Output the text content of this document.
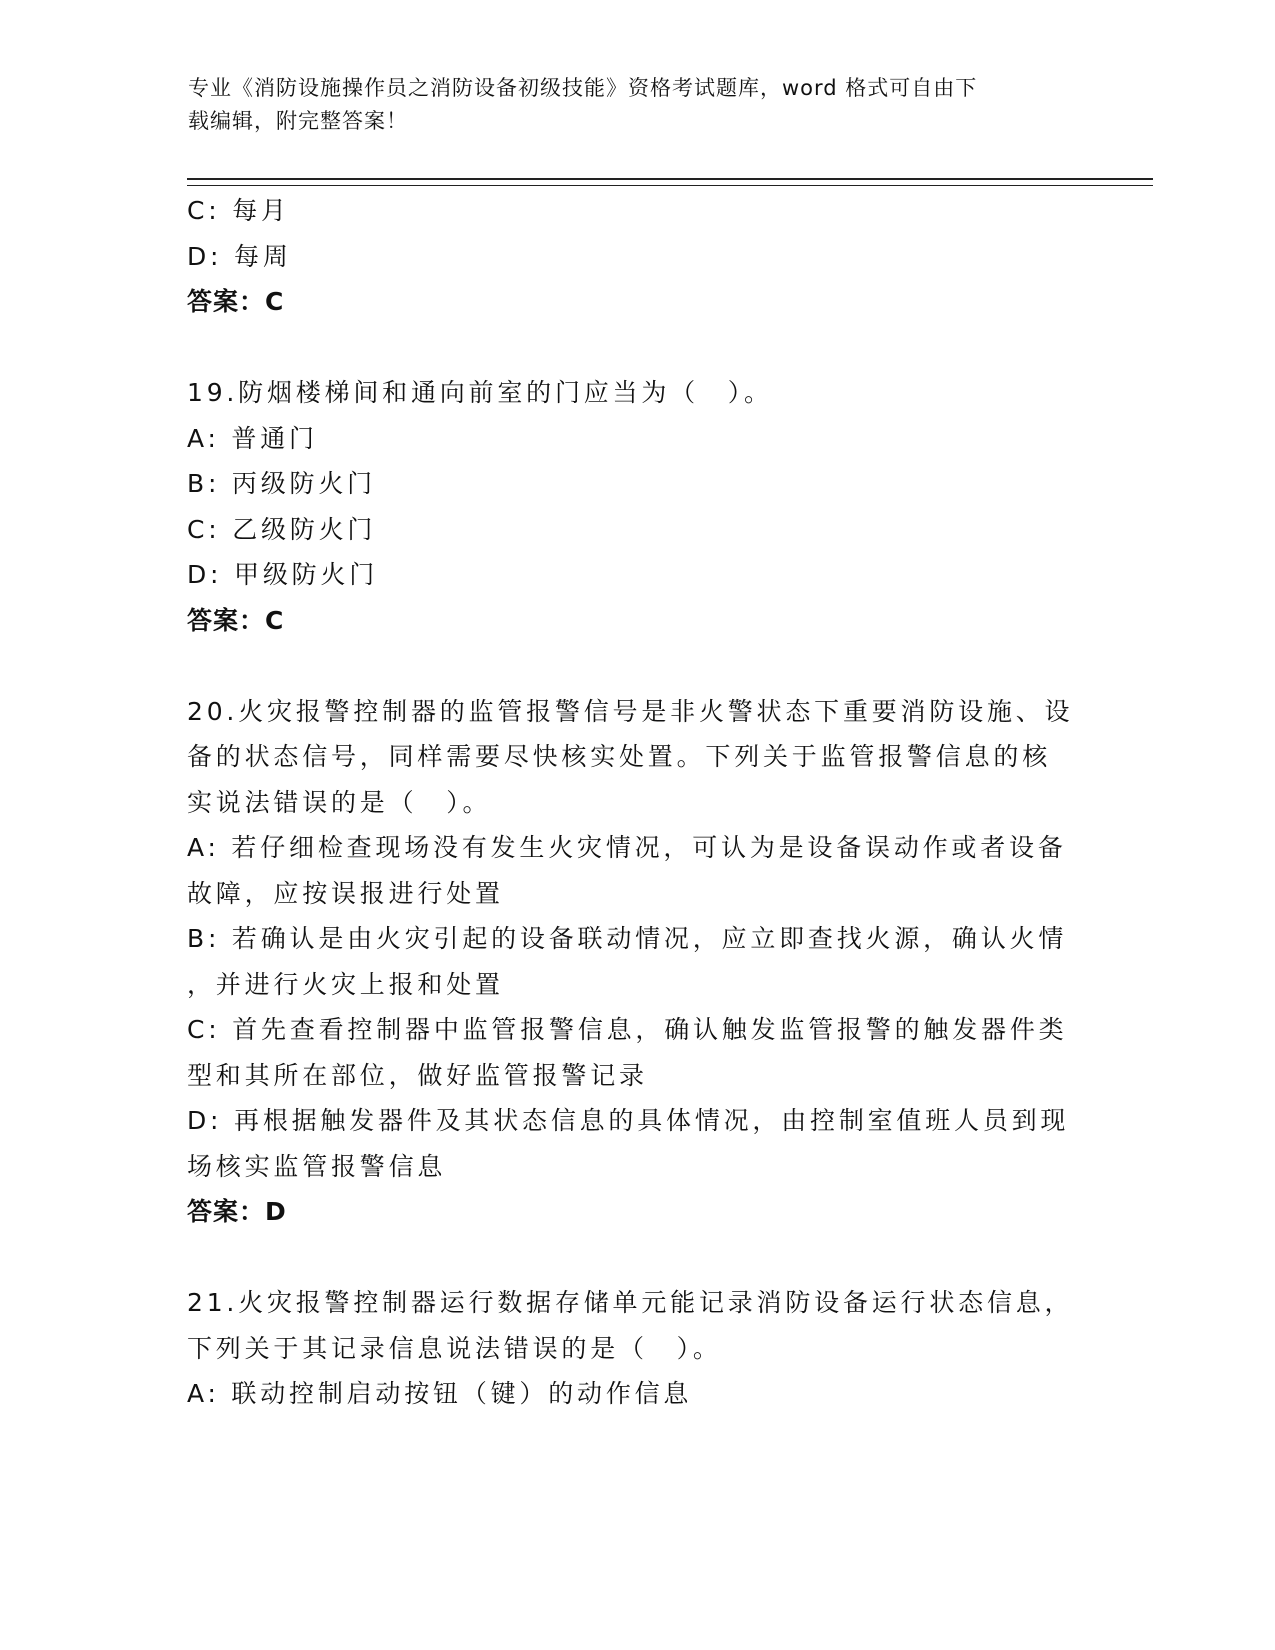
专业《消防设施操作员之消防设备初级技能》资格考试题库，word 格式可自由下
载编辑，附完整答案！
C: 每月
D: 每周
答案：C
19.防烟楼梯间和通向前室的门应当为（　）。
A: 普通门
B: 丙级防火门
C: 乙级防火门
D: 甲级防火门
答案：C
20.火灾报警控制器的监管报警信号是非火警状态下重要消防设施、设
备的状态信号，同样需要尽快核实处置。下列关于监管报警信息的核
实说法错误的是（　）。
A: 若仔细检查现场没有发生火灾情况，可认为是设备误动作或者设备
故障，应按误报进行处置
B: 若确认是由火灾引起的设备联动情况，应立即查找火源，确认火情
，并进行火灾上报和处置
C: 首先查看控制器中监管报警信息，确认触发监管报警的触发器件类
型和其所在部位，做好监管报警记录
D: 再根据触发器件及其状态信息的具体情况，由控制室值班人员到现
场核实监管报警信息
答案：D
21.火灾报警控制器运行数据存储单元能记录消防设备运行状态信息，
下列关于其记录信息说法错误的是（　）。
A: 联动控制启动按钮（键）的动作信息
